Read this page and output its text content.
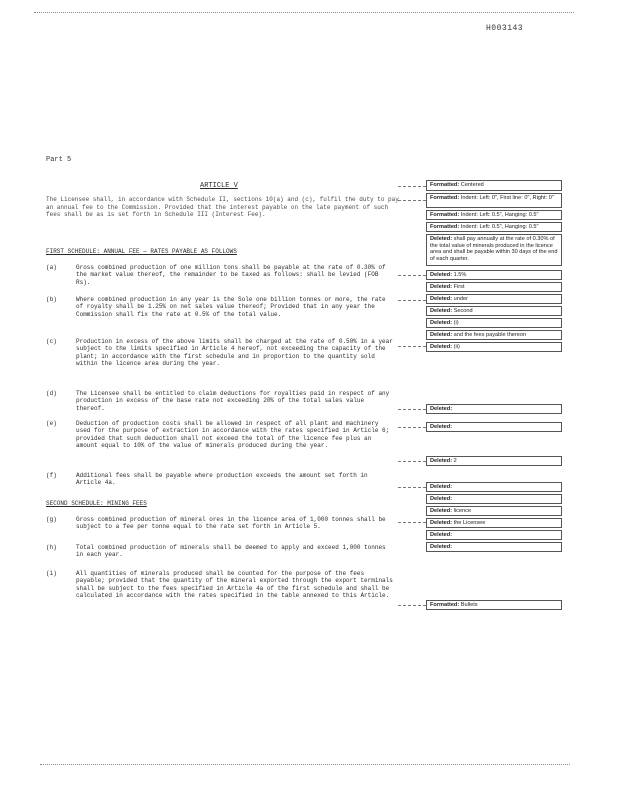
H003143
Part 5
ARTICLE V
The Licensee shall, in accordance with Schedule II, sections 10(a) and (c), fulfil the duty to pay an annual fee to the Commission. Provided that the interest payable on the late payment of such fees shall be as is set forth in Schedule III (Interest Fee).
FIRST SCHEDULE: ANNUAL FEE — RATES PAYABLE AS FOLLOWS
(a)	Gross combined production of one million tons shall be payable at the rate of 0.30% of the market value thereof, the remainder to be taxed as follows: shall be levied (FOB Rs).
(b)	Where combined production in any year is the Sole one billion tonnes or more, the rate of royalty shall be 1.25% on net sales value thereof; Provided that in any year the Commission shall fix the rate at 0.5% of the total value.
(c)	Production in excess of the above limits shall be charged at the rate of 0.50% in a year subject to the limits specified in Article 4 hereof, not exceeding the capacity of the plant; in accordance with the first schedule and in proportion to the quantity sold within the licence area during the year.
(d)	The Licensee shall be entitled to claim deductions for royalties paid in respect of any production in excess of the base rate not exceeding 20% of the total sales value thereof.
(e)	Deduction of production costs shall be allowed in respect of all plant and machinery used for the purpose of extraction in accordance with the rates specified in Article 6; provided that such deduction shall not exceed the total of the licence fee plus an amount equal to 10% of the value of minerals produced during the year.
(f)	Additional fees shall be payable where production exceeds the amount set forth in Article 4a.
SECOND SCHEDULE: MINING FEES
(g)	Gross combined production of mineral ores in the licence area of 1,000 tonnes shall be subject to a fee per tonne equal to the rate set forth in Article 5.
(h)	Total combined production of minerals shall be deemed to apply and exceed 1,000 tonnes in each year.
(i)	All quantities of minerals produced shall be counted for the purpose of the fees payable; provided that the quantity of the mineral exported through the export terminals shall be subject to the fees specified in Article 4a of the first schedule and shall be calculated in accordance with the rates specified in the table annexed to this Article.
Formatted: Centered
Formatted: Indent: Left: 0", First line: 0", Right: 0"
Formatted: Indent: Left: 0.5", Hanging: 0.5"
Formatted: Indent: Left: 0.5", Hanging: 0.5"
Deleted: shall pay annually at the rate of 0.30% of the total value of minerals produced in the licence area and shall be payable within 30 days of the end of each quarter.
Deleted: 1.5%
Deleted: First
Deleted: under
Deleted: Second
Deleted: (i)
Deleted: and the fees payable thereon
Deleted: (ii)
Deleted:
Deleted:
Deleted: 2
Deleted:
Deleted:
Deleted: licence
Deleted: the Licensee
Deleted:
Deleted:
Formatted: Bullets
